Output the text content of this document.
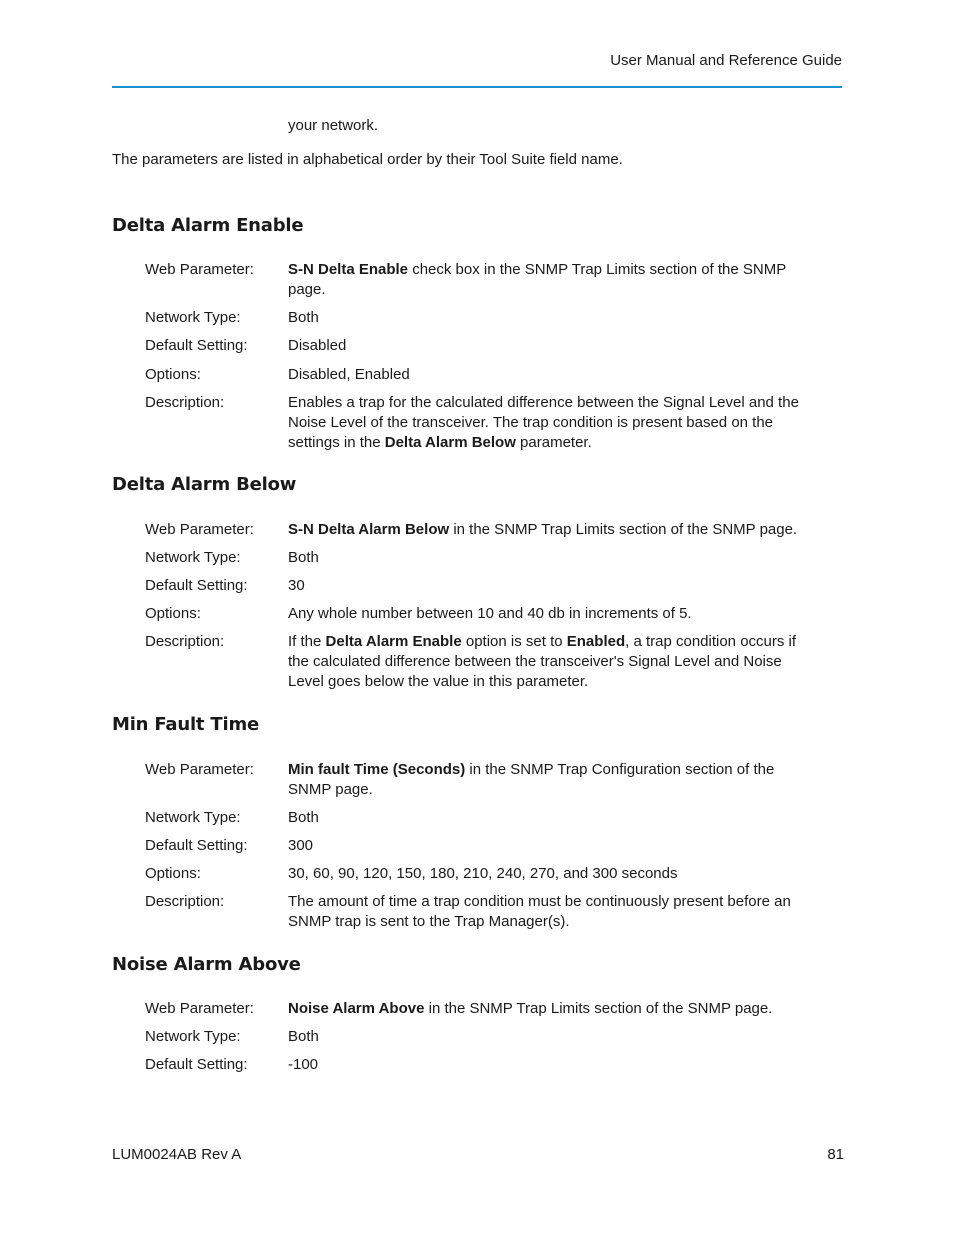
User Manual and Reference Guide
your network.
The parameters are listed in alphabetical order by their Tool Suite field name.
Delta Alarm Enable
Web Parameter:	S-N Delta Enable check box in the SNMP Trap Limits section of the SNMP page.
Network Type:	Both
Default Setting:	Disabled
Options:	Disabled, Enabled
Description:	Enables a trap for the calculated difference between the Signal Level and the Noise Level of the transceiver. The trap condition is present based on the settings in the Delta Alarm Below parameter.
Delta Alarm Below
Web Parameter:	S-N Delta Alarm Below in the SNMP Trap Limits section of the SNMP page.
Network Type:	Both
Default Setting:	30
Options:	Any whole number between 10 and 40 db in increments of 5.
Description:	If the Delta Alarm Enable option is set to Enabled, a trap condition occurs if the calculated difference between the transceiver's Signal Level and Noise Level goes below the value in this parameter.
Min Fault Time
Web Parameter:	Min fault Time (Seconds) in the SNMP Trap Configuration section of the SNMP page.
Network Type:	Both
Default Setting:	300
Options:	30, 60, 90, 120, 150, 180, 210, 240, 270, and 300 seconds
Description:	The amount of time a trap condition must be continuously present before an SNMP trap is sent to the Trap Manager(s).
Noise Alarm Above
Web Parameter:	Noise Alarm Above in the SNMP Trap Limits section of the SNMP page.
Network Type:	Both
Default Setting:	-100
LUM0024AB Rev A	81
